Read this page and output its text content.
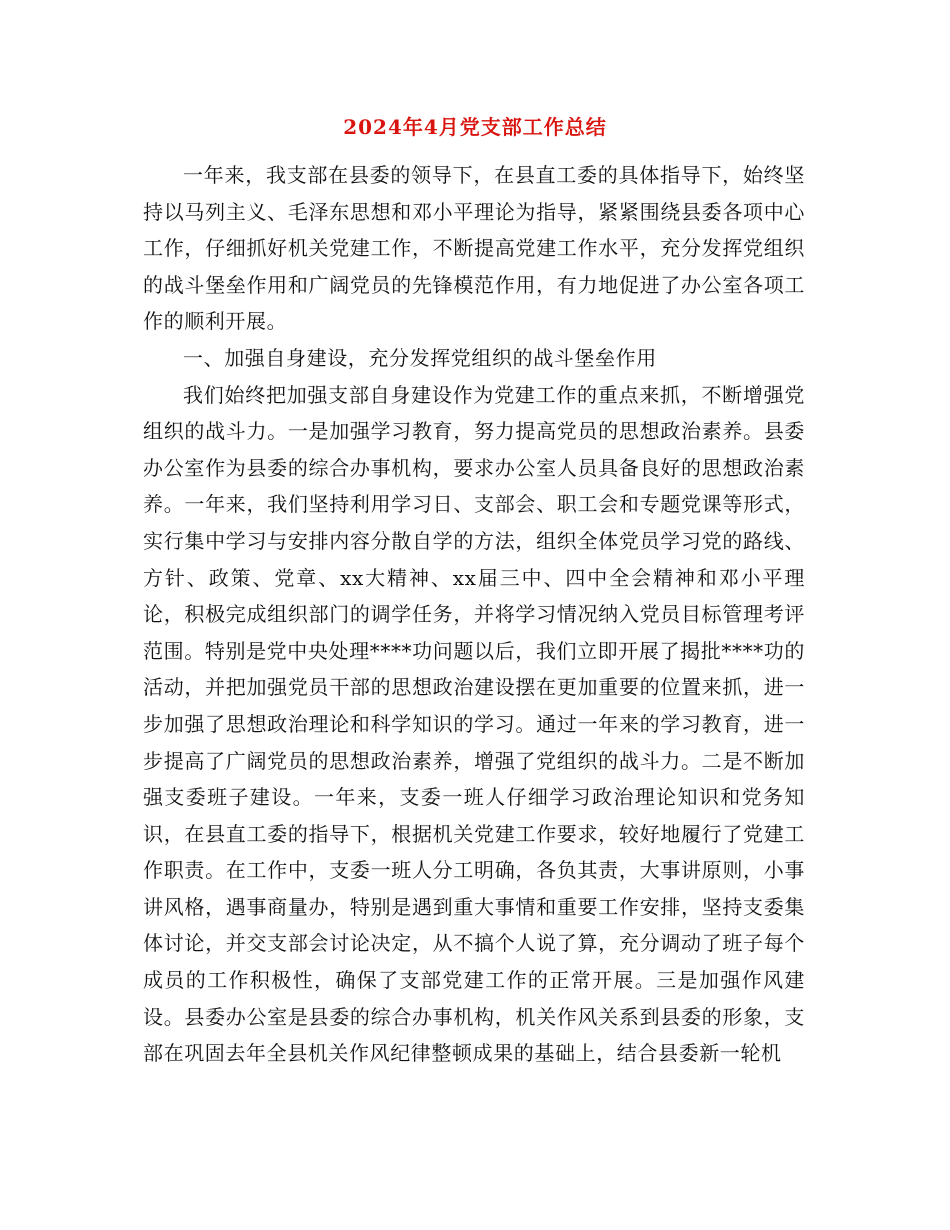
2024年4月党支部工作总结

一年来，我支部在县委的领导下，在县直工委的具体指导下，始终坚持以马列主义、毛泽东思想和邓小平理论为指导，紧紧围绕县委各项中心工作，仔细抓好机关党建工作，不断提高党建工作水平，充分发挥党组织的战斗堡垒作用和广阔党员的先锋模范作用，有力地促进了办公室各项工作的顺利开展。

一、加强自身建设，充分发挥党组织的战斗堡垒作用

我们始终把加强支部自身建设作为党建工作的重点来抓，不断增强党组织的战斗力。一是加强学习教育，努力提高党员的思想政治素养。县委办公室作为县委的综合办事机构，要求办公室人员具备良好的思想政治素养。一年来，我们坚持利用学习日、支部会、职工会和专题党课等形式，实行集中学习与安排内容分散自学的方法，组织全体党员学习党的路线、方针、政策、党章、xx大精神、xx届三中、四中全会精神和邓小平理论，积极完成组织部门的调学任务，并将学习情况纳入党员目标管理考评范围。特别是党中央处理****功问题以后，我们立即开展了揭批****功的活动，并把加强党员干部的思想政治建设摆在更加重要的位置来抓，进一步加强了思想政治理论和科学知识的学习。通过一年来的学习教育，进一步提高了广阔党员的思想政治素养，增强了党组织的战斗力。二是不断加强支委班子建设。一年来，支委一班人仔细学习政治理论知识和党务知识，在县直工委的指导下，根据机关党建工作要求，较好地履行了党建工作职责。在工作中，支委一班人分工明确，各负其责，大事讲原则，小事讲风格，遇事商量办，特别是遇到重大事情和重要工作安排，坚持支委集体讨论，并交支部会讨论决定，从不搞个人说了算，充分调动了班子每个成员的工作积极性，确保了支部党建工作的正常开展。三是加强作风建设。县委办公室是县委的综合办事机构，机关作风关系到县委的形象，支部在巩固去年全县机关作风纪律整顿成果的基础上，结合县委新一轮机
